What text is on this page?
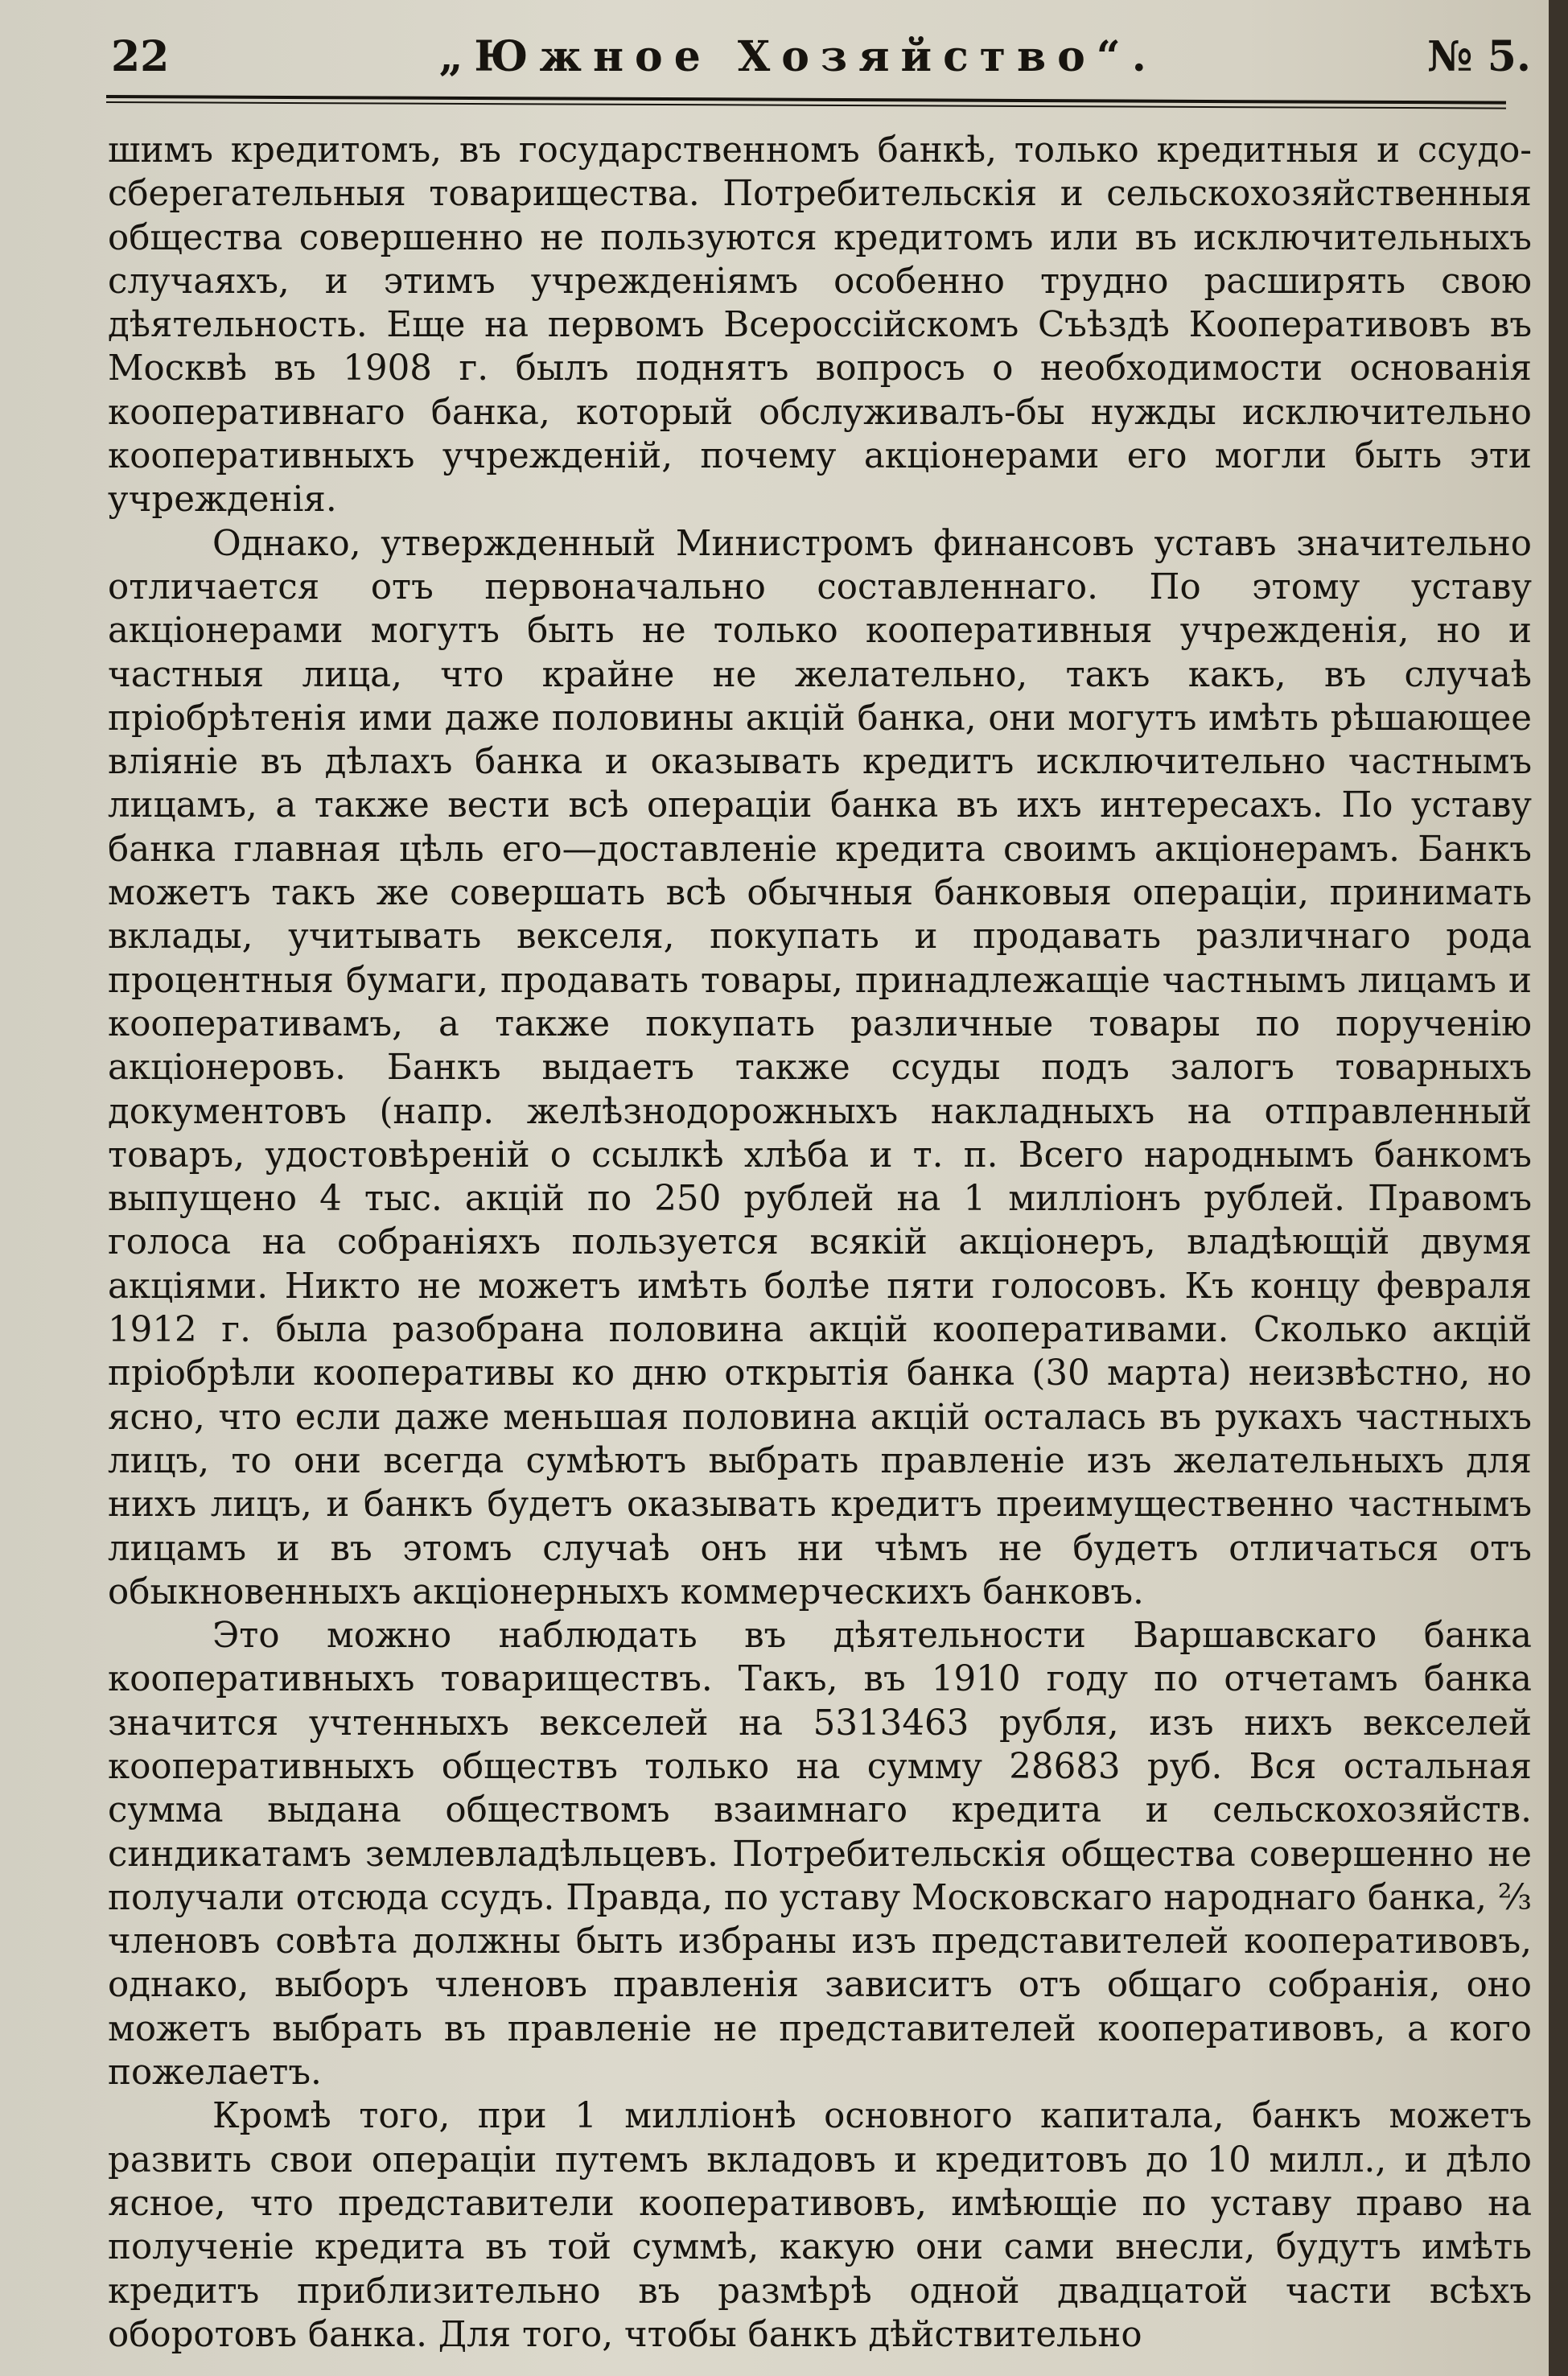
22	„Южное Хозяйство“.	№ 5.

шимъ кредитомъ, въ государственномъ банкѣ, только кредитныя и ссудо-сберегательныя товарищества. Потребительскія и сельскохозяйственныя общества совершенно не пользуются кредитомъ или въ исключительныхъ случаяхъ, и этимъ учрежденіямъ особенно трудно расширять свою дѣятельность. Еще на первомъ Всероссійскомъ Съѣздѣ Кооперативовъ въ Москвѣ въ 1908 г. былъ поднятъ вопросъ о необходимости основанія кооперативнаго банка, который обслуживалъ-бы нужды исключительно кооперативныхъ учрежденій, почему акціонерами его могли быть эти учрежденія.

Однако, утвержденный Министромъ финансовъ уставъ значительно отличается отъ первоначально составленнаго. По этому уставу акціонерами могутъ быть не только кооперативныя учрежденія, но и частныя лица, что крайне не желательно, такъ какъ, въ случаѣ пріобрѣтенія ими даже половины акцій банка, они могутъ имѣть рѣшающее вліяніе въ дѣлахъ банка и оказывать кредитъ исключительно частнымъ лицамъ, а также вести всѣ операціи банка въ ихъ интересахъ. По уставу банка главная цѣль его—доставленіе кредита своимъ акціонерамъ. Банкъ можетъ такъ же совершать всѣ обычныя банковыя операціи, принимать вклады, учитывать векселя, покупать и продавать различнаго рода процентныя бумаги, продавать товары, принадлежащіе частнымъ лицамъ и кооперативамъ, а также покупать различные товары по порученію акціонеровъ. Банкъ выдаетъ также ссуды подъ залогъ товарныхъ документовъ (напр. желѣзнодорожныхъ накладныхъ на отправленный товаръ, удостовѣреній о ссылкѣ хлѣба и т. п. Всего народнымъ банкомъ выпущено 4 тыс. акцій по 250 рублей на 1 милліонъ рублей. Правомъ голоса на собраніяхъ пользуется всякій акціонеръ, владѣющій двумя акціями. Никто не можетъ имѣть болѣе пяти голосовъ. Къ концу февраля 1912 г. была разобрана половина акцій кооперативами. Сколько акцій пріобрѣли кооперативы ко дню открытія банка (30 марта) неизвѣстно, но ясно, что если даже меньшая половина акцій осталась въ рукахъ частныхъ лицъ, то они всегда сумѣютъ выбрать правленіе изъ желательныхъ для нихъ лицъ, и банкъ будетъ оказывать кредитъ преимущественно частнымъ лицамъ и въ этомъ случаѣ онъ ни чѣмъ не будетъ отличаться отъ обыкновенныхъ акціонерныхъ коммерческихъ банковъ.

Это можно наблюдать въ дѣятельности Варшавскаго банка кооперативныхъ товариществъ. Такъ, въ 1910 году по отчетамъ банка значится учтенныхъ векселей на 5313463 рубля, изъ нихъ векселей кооперативныхъ обществъ только на сумму 28683 руб. Вся остальная сумма выдана обществомъ взаимнаго кредита и сельскохозяйств. синдикатамъ землевладѣльцевъ. Потребительскія общества совершенно не получали отсюда ссудъ. Правда, по уставу Московскаго народнаго банка, ⅔ членовъ совѣта должны быть избраны изъ представителей кооперативовъ, однако, выборъ членовъ правленія зависитъ отъ общаго собранія, оно можетъ выбрать въ правленіе не представителей кооперативовъ, а кого пожелаетъ.

Кромѣ того, при 1 милліонѣ основного капитала, банкъ можетъ развить свои операціи путемъ вкладовъ и кредитовъ до 10 милл., и дѣло ясное, что представители кооперативовъ, имѣющіе по уставу право на полученіе кредита въ той суммѣ, какую они сами внесли, будутъ имѣть кредитъ приблизительно въ размѣрѣ одной двадцатой части всѣхъ оборотовъ банка. Для того, чтобы банкъ дѣйствительно
